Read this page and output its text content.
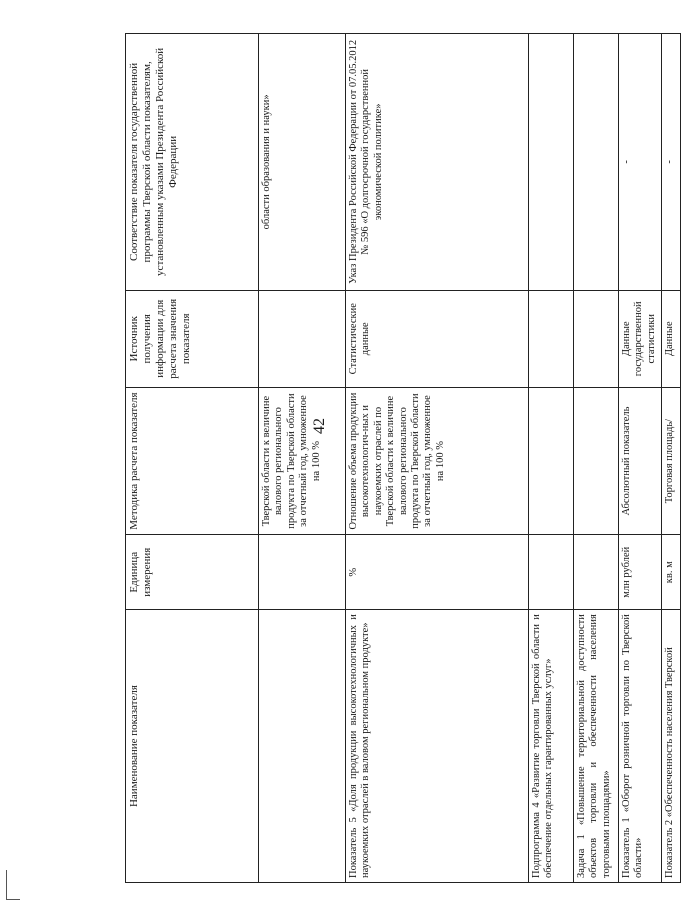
42
Наименование показателя	Единица измерения	Методика расчета показателя	Источник получения информации для расчета значения показателя	Соответствие показателя государственной программы Тверской области показателям, установленным указами Президента Российской Федерации
		Тверской области к величине валового регионального продукта по Тверской области за отчетный год, умноженное на 100 %		области образования и науки»
Показатель 5 «Доля продукции высокотехнологичных и наукоемких отраслей в валовом региональном продукте»	%	Отношение объема продукции высокотехнологич-ных и наукоемких отраслей по Тверской области к величине валового регионального продукта по Тверской области за отчетный год, умноженное на 100 %	Статистические данные	Указ Президента Российской Федерации от 07.05.2012 № 596 «О долгосрочной государственной экономической политике»
Подпрограмма 4 «Развитие торговли Тверской области и обеспечение отдельных гарантированных услуг»				
Задача 1 «Повышение территориальной доступности объектов торговли и обеспеченности населения торговыми площадями»				
Показатель 1 «Оборот розничной торговли по Тверской области»	млн рублей	Абсолютный показатель	Данные государственной статистики	-
Показатель 2 «Обеспеченность населения Тверской	кв. м	Торговая площадь/	Данные	-
